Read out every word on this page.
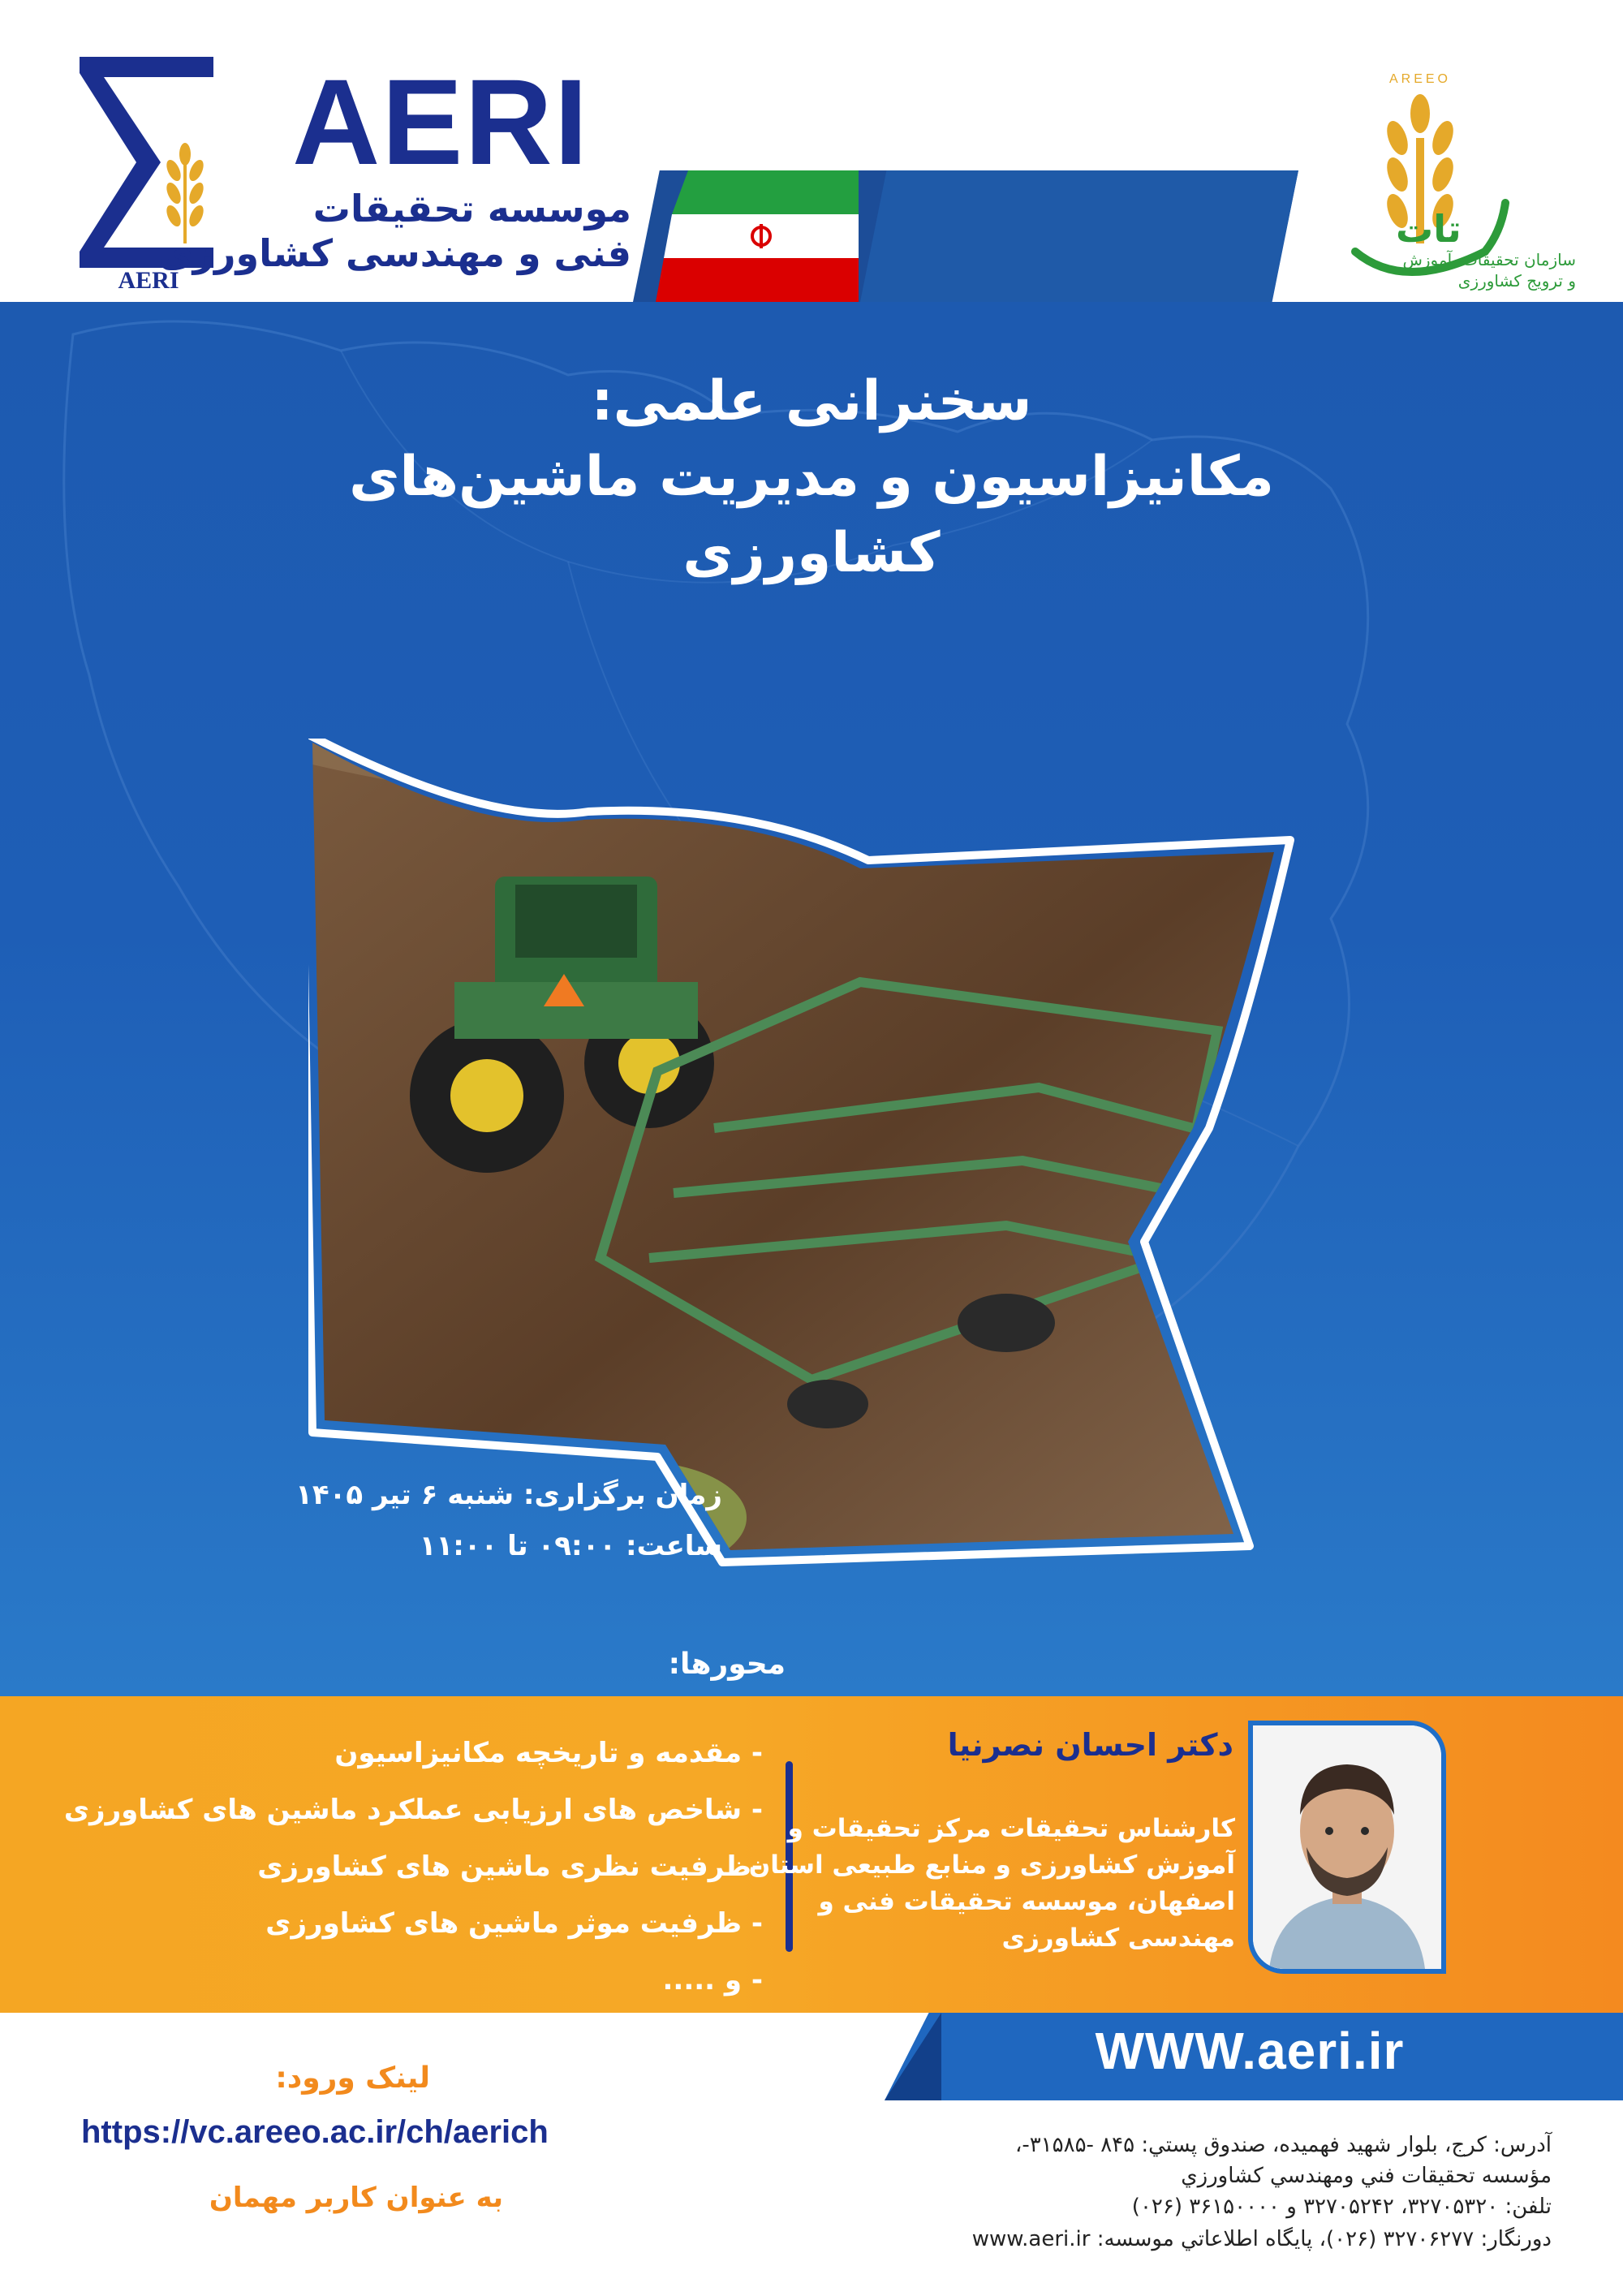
AERI
AERI
موسسه تحقیقات
فنی و مهندسی کشاورزی
AREEO
تات
سازمان تحقیقات، آموزش
و ترویج کشاورزی
سخنرانی علمی:
مکانیزاسیون و مدیریت ماشین‌های
کشاورزی
زمان برگزاری: شنبه ۶ تیر ۱۴۰۵
ساعت: ۰۹:۰۰ تا ۱۱:۰۰
محورها:
- مقدمه و تاریخچه مکانیزاسیون
- شاخص های ارزیابی عملکرد ماشین های کشاورزی
-ظرفیت نظری ماشین های کشاورزی
- ظرفیت موثر ماشین های کشاورزی
- و .....
دکتر احسان نصرنیا
کارشناس تحقیقات مرکز تحقیقات و
آموزش کشاورزی و منابع طبیعی استان
اصفهان، موسسه تحقیقات فنی و
مهندسی کشاورزی
WWW.aeri.ir
لینک ورود:
https://vc.areeo.ac.ir/ch/aerich
به عنوان کاربر مهمان
آدرس: کرج، بلوار شهید فهمیده، صندوق پستي: ۸۴۵ -۳۱۵۸۵-،
مؤسسه تحقيقات فني ومهندسي كشاورزي
تلفن: ۳۲۷۰۵۳۲۰، ۳۲۷۰۵۲۴۲ و ۳۶۱۵۰۰۰۰ (۰۲۶)
دورنگار: ۳۲۷۰۶۲۷۷ (۰۲۶)، پایگاه اطلاعاتي موسسه: www.aeri.ir
